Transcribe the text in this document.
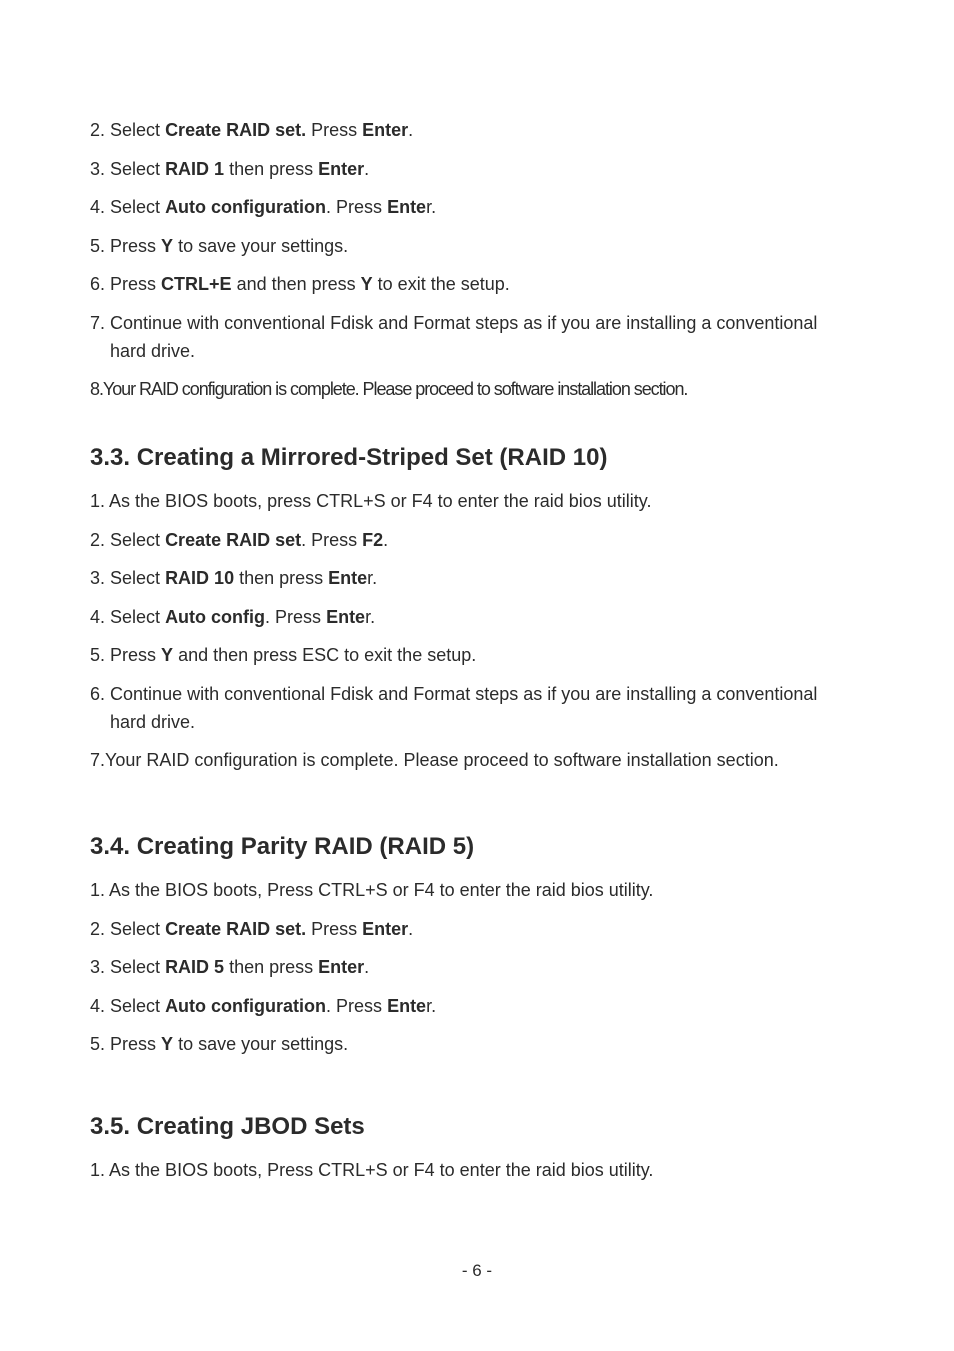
2. Select Create RAID set. Press Enter.

3. Select RAID 1 then press Enter.

4. Select Auto configuration. Press Enter.

5. Press Y to save your settings.

6. Press CTRL+E and then press Y to exit the setup.

7. Continue with conventional Fdisk and Format steps as if you are installing a conventional
hard drive.

8.Your RAID configuration is complete. Please proceed to software installation section.

3.3. Creating a Mirrored-Striped Set (RAID 10)

1. As the BIOS boots, press CTRL+S or F4 to enter the raid bios utility.

2. Select Create RAID set. Press F2.

3. Select RAID 10 then press Enter.

4. Select Auto config. Press Enter.

5. Press Y and then press ESC to exit the setup.

6. Continue with conventional Fdisk and Format steps as if you are installing a conventional
hard drive.

7.Your RAID configuration is complete. Please proceed to software installation section.

3.4. Creating Parity RAID (RAID 5)

1. As the BIOS boots, Press CTRL+S or F4 to enter the raid bios utility.

2. Select Create RAID set. Press Enter.

3. Select RAID 5 then press Enter.

4. Select Auto configuration. Press Enter.

5. Press Y to save your settings.

3.5. Creating JBOD Sets

1. As the BIOS boots, Press CTRL+S or F4 to enter the raid bios utility.

- 6 -
